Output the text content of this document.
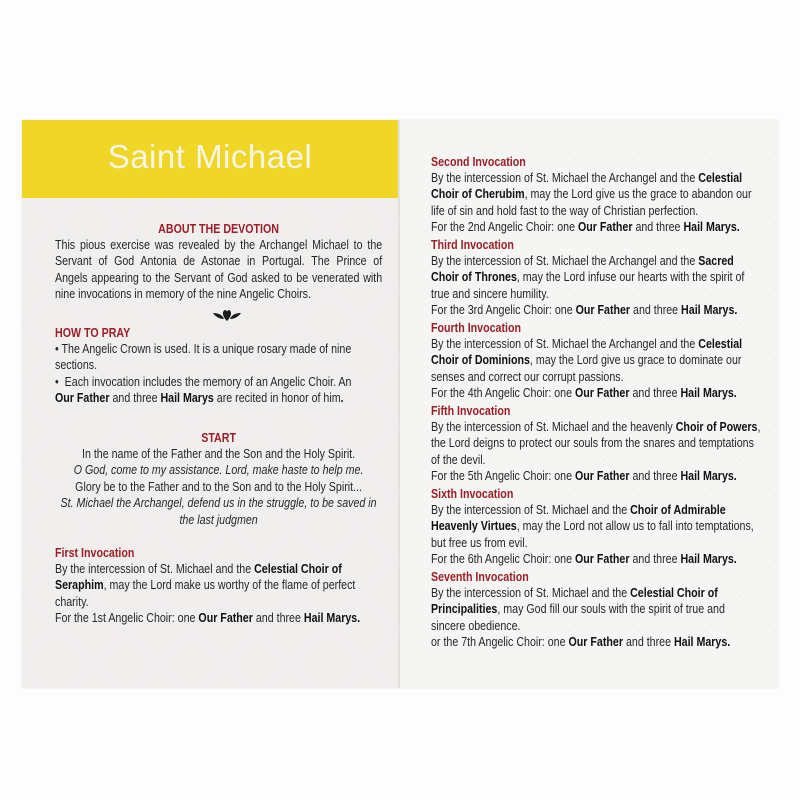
Saint Michael
ABOUT THE DEVOTION
This pious exercise was revealed by the Archangel Michael to the
Servant of God Antonia de Astonae in Portugal. The Prince of
Angels appearing to the Servant of God asked to be venerated with
nine invocations in memory of the nine Angelic Choirs.
HOW TO PRAY
• The Angelic Crown is used. It is a unique rosary made of nine
sections.
•  Each invocation includes the memory of an Angelic Choir. An
Our Father and three Hail Marys are recited in honor of him.
START
In the name of the Father and the Son and the Holy Spirit.
O God, come to my assistance. Lord, make haste to help me.
Glory be to the Father and to the Son and to the Holy Spirit...
St. Michael the Archangel, defend us in the struggle, to be saved in
the last judgmen
First Invocation
By the intercession of St. Michael and the Celestial Choir of
Seraphim, may the Lord make us worthy of the flame of perfect
charity.
For the 1st Angelic Choir: one Our Father and three Hail Marys.
Second Invocation
By the intercession of St. Michael the Archangel and the Celestial
Choir of Cherubim, may the Lord give us the grace to abandon our
life of sin and hold fast to the way of Christian perfection.
For the 2nd Angelic Choir: one Our Father and three Hail Marys.
Third Invocation
By the intercession of St. Michael the Archangel and the Sacred
Choir of Thrones, may the Lord infuse our hearts with the spirit of
true and sincere humility.
For the 3rd Angelic Choir: one Our Father and three Hail Marys.
Fourth Invocation
By the intercession of St. Michael the Archangel and the Celestial
Choir of Dominions, may the Lord give us grace to dominate our
senses and correct our corrupt passions.
For the 4th Angelic Choir: one Our Father and three Hail Marys.
Fifth Invocation
By the intercession of St. Michael and the heavenly Choir of Powers,
the Lord deigns to protect our souls from the snares and temptations
of the devil.
For the 5th Angelic Choir: one Our Father and three Hail Marys.
Sixth Invocation
By the intercession of St. Michael and the Choir of Admirable
Heavenly Virtues, may the Lord not allow us to fall into temptations,
but free us from evil.
For the 6th Angelic Choir: one Our Father and three Hail Marys.
Seventh Invocation
By the intercession of St. Michael and the Celestial Choir of
Principalities, may God fill our souls with the spirit of true and
sincere obedience.
or the 7th Angelic Choir: one Our Father and three Hail Marys.
